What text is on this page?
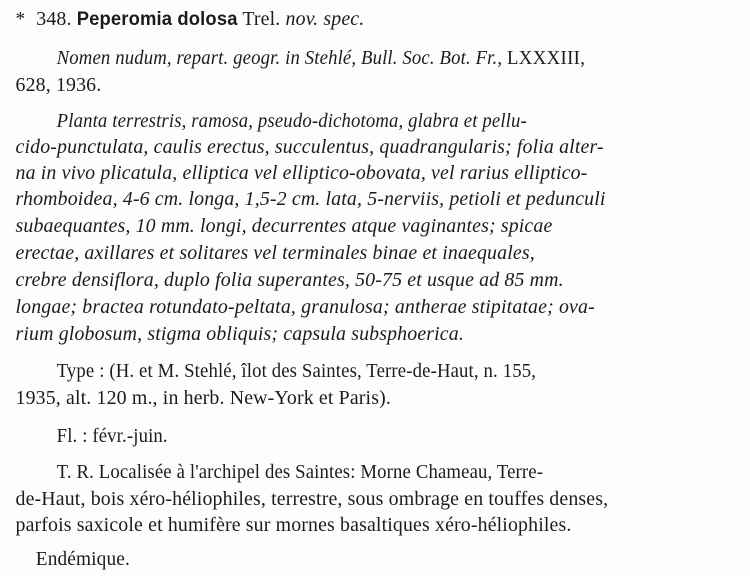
* 348. Peperomia dolosa Trel. nov. spec.
Nomen nudum, repart. geogr. in Stehlé, Bull. Soc. Bot. Fr., LXXXIII,
628, 1936.
Planta terrestris, ramosa, pseudo-dichotoma, glabra et pellu-
cido-punctulata, caulis erectus, succulentus, quadrangularis; folia alter-
na in vivo plicatula, elliptica vel elliptico-obovata, vel rarius elliptico-
rhomboidea, 4-6 cm. longa, 1,5-2 cm. lata, 5-nerviis, petioli et pedunculi
subaequantes, 10 mm. longi, decurrentes atque vaginantes; spicae
erectae, axillares et solitares vel terminales binae et inaequales,
crebre densiflora, duplo folia superantes, 50-75 et usque ad 85 mm.
longae; bractea rotundato-peltata, granulosa; antherae stipitatae; ova-
rium globosum, stigma obliquis; capsula subsphoerica.
Type : (H. et M. Stehlé, îlot des Saintes, Terre-de-Haut, n. 155,
1935, alt. 120 m., in herb. New-York et Paris).
Fl. : févr.-juin.
T. R. Localisée à l'archipel des Saintes: Morne Chameau, Terre-
de-Haut, bois xéro-héliophiles, terrestre, sous ombrage en touffes denses,
parfois saxicole et humifère sur mornes basaltiques xéro-héliophiles.
Endémique.
